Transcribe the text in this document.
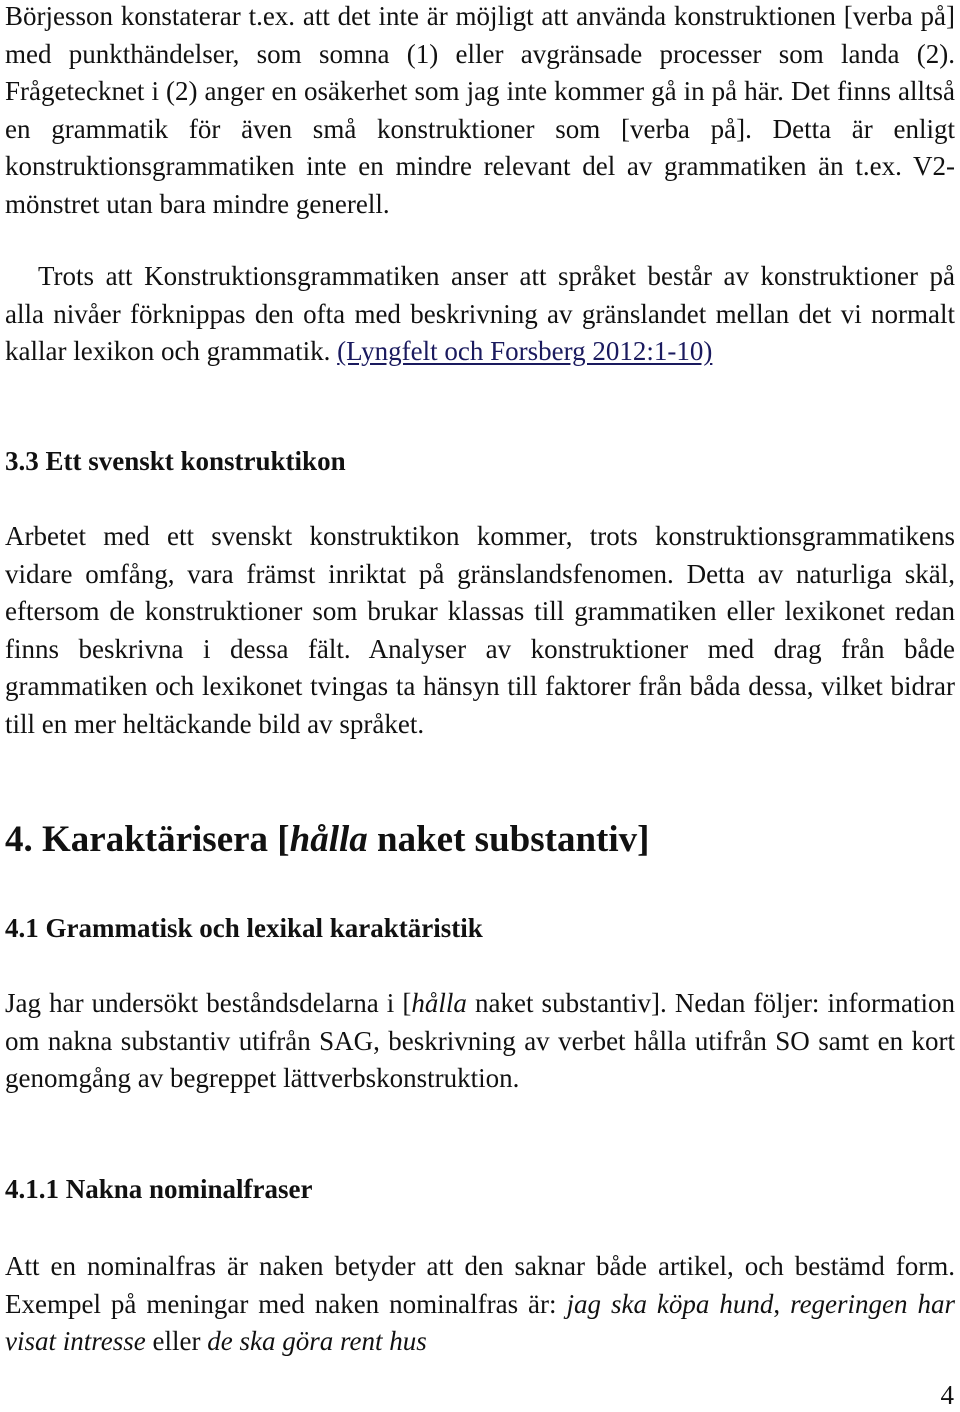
Börjesson konstaterar t.ex. att det inte är möjligt att använda konstruktionen [verba på] med punkthändelser, som somna (1) eller avgränsade processer som landa (2). Frågetecknet i (2) anger en osäkerhet som jag inte kommer gå in på här. Det finns alltså en grammatik för även små konstruktioner som [verba på]. Detta är enligt konstruktionsgrammatiken inte en mindre relevant del av grammatiken än t.ex. V2-mönstret utan bara mindre generell.

Trots att Konstruktionsgrammatiken anser att språket består av konstruktioner på alla nivåer förknippas den ofta med beskrivning av gränslandet mellan det vi normalt kallar lexikon och grammatik. (Lyngfelt och Forsberg 2012:1-10)

3.3 Ett svenskt konstruktikon

Arbetet med ett svenskt konstruktikon kommer, trots konstruktionsgrammatikens vidare omfång, vara främst inriktat på gränslandsfenomen. Detta av naturliga skäl, eftersom de konstruktioner som brukar klassas till grammatiken eller lexikonet redan finns beskrivna i dessa fält. Analyser av konstruktioner med drag från både grammatiken och lexikonet tvingas ta hänsyn till faktorer från båda dessa, vilket bidrar till en mer heltäckande bild av språket.

4. Karaktärisera [hålla naket substantiv]
4.1 Grammatisk och lexikal karaktäristik

Jag har undersökt beståndsdelarna i [hålla naket substantiv]. Nedan följer: information om nakna substantiv utifrån SAG, beskrivning av verbet hålla utifrån SO samt en kort genomgång av begreppet lättverbskonstruktion.

4.1.1 Nakna nominalfraser

Att en nominalfras är naken betyder att den saknar både artikel, och bestämd form. Exempel på meningar med naken nominalfras är: jag ska köpa hund, regeringen har visat intresse eller de ska göra rent hus

4
